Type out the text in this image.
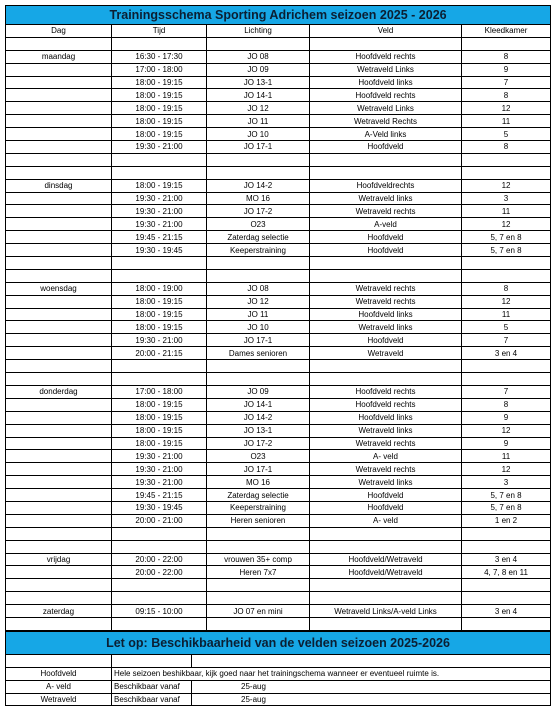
Trainingsschema Sporting Adrichem seizoen 2025 - 2026				
Dag	Tijd	Lichting	Veld	Kleedkamer

maandag	16:30 - 17:30	JO 08	Hoofdveld rechts	8
	17:00 - 18:00	JO 09	Wetraveld Links	9
	18:00 - 19:15	JO 13-1	Hoofdveld links	7
	18:00 - 19:15	JO 14-1	Hoofdveld rechts	8
	18:00 - 19:15	JO 12	Wetraveld Links	12
	18:00 - 19:15	JO 11	Wetraveld Rechts	11
	18:00 - 19:15	JO 10	A-Veld links	5
	19:30 - 21:00	JO 17-1	Hoofdveld	8

dinsdag	18:00 - 19:15	JO 14-2	Hoofdveldrechts	12
	19:30 - 21:00	MO 16	Wetraveld links	3
	19:30 - 21:00	JO 17-2	Wetraveld rechts	11
	19:30 - 21:00	O23	A-veld	12
	19:45 - 21:15	Zaterdag selectie	Hoofdveld	5, 7 en 8
	19:30 - 19:45	Keeperstraining	Hoofdveld	5, 7 en 8

woensdag	18:00 - 19:00	JO 08	Wetraveld rechts	8
	18:00 - 19:15	JO 12	Wetraveld rechts	12
	18:00 - 19:15	JO 11	Hoofdveld links	11
	18:00 - 19:15	JO 10	Wetraveld links	5
	19:30 - 21:00	JO 17-1	Hoofdveld	7
	20:00 - 21:15	Dames senioren	Wetraveld	3 en 4

donderdag	17:00 - 18:00	JO 09	Hoofdveld rechts	7
	18:00 - 19:15	JO 14-1	Hoofdveld rechts	8
	18:00 - 19:15	JO 14-2	Hoofdveld links	9
	18:00 - 19:15	JO 13-1	Wetraveld links	12
	18:00 - 19:15	JO 17-2	Wetraveld rechts	9
	19:30 - 21:00	O23	A- veld	11
	19:30 - 21:00	JO 17-1	Wetraveld rechts	12
	19:30 - 21:00	MO 16	Wetraveld links	3
	19:45 - 21:15	Zaterdag selectie	Hoofdveld	5, 7 en 8
	19:30 - 19:45	Keeperstraining	Hoofdveld	5, 7 en 8
	20:00 - 21:00	Heren senioren	A- veld	1 en 2

vrijdag	20:00 - 22:00	vrouwen 35+ comp	Hoofdveld/Wetraveld	3 en 4
	20:00 - 22:00	Heren 7x7	Hoofdveld/Wetraveld	4, 7, 8 en 11

zaterdag	09:15 - 10:00	JO 07 en mini	Wetraveld Links/A-veld Links	3 en 4

Let op: Beschikbaarheid van de velden seizoen 2025-2026		

Hoofdveld	Hele seizoen beshikbaar, kijk goed naar het trainingschema wanneer er eventueel ruimte is.	
A- veld	Beschikbaar vanaf	25-aug
Wetraveld	Beschikbaar vanaf	25-aug
